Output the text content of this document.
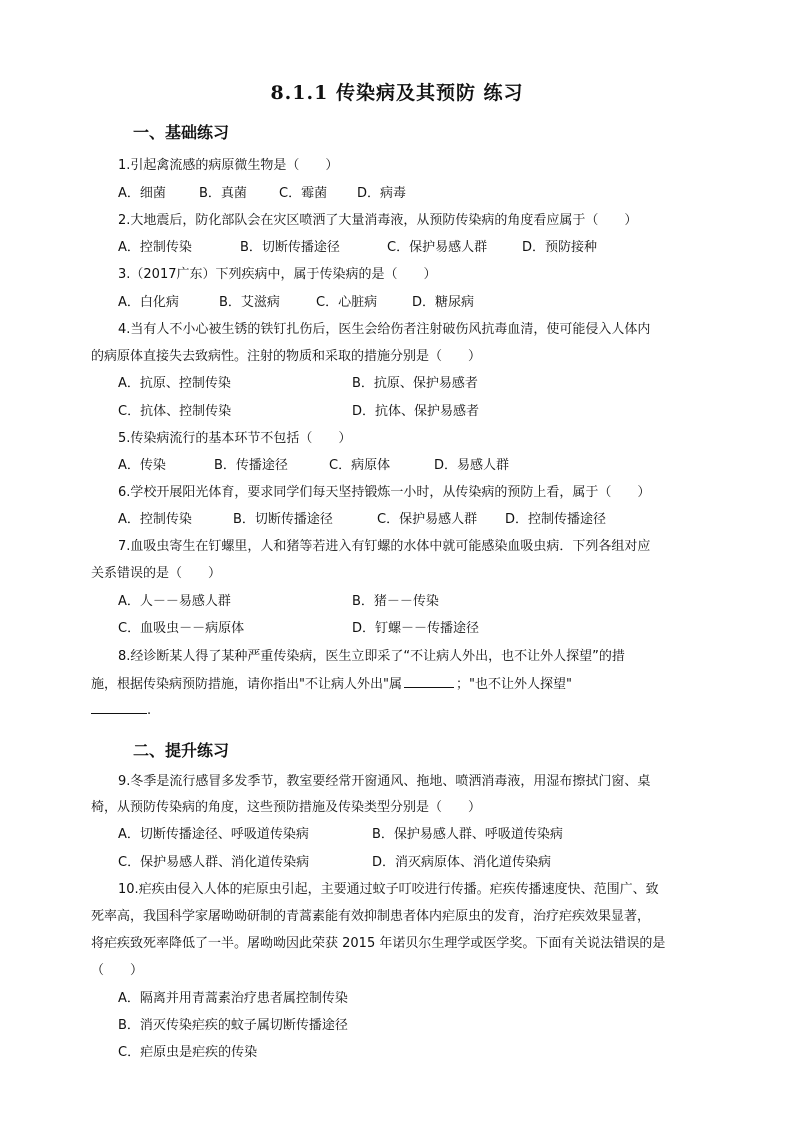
8.1.1 传染病及其预防 练习
一、基础练习
1.引起禽流感的病原微生物是（　　）
A．细菌	B．真菌 C．霉菌 D．病毒
2.大地震后，防化部队会在灾区喷洒了大量消毒液，从预防传染病的角度看应属于（　　）
A．控制传染	B．切断传播途径	C．保护易感人群	D．预防接种
3.（2017广东）下列疾病中，属于传染病的是（　　）
A．白化病	B．艾滋病	C．心脏病	D．糖尿病
4.当有人不小心被生锈的铁钉扎伤后，医生会给伤者注射破伤风抗毒血清，使可能侵入人体内
的病原体直接失去致病性。注射的物质和采取的措施分别是（　　）
A．抗原、控制传染	B．抗原、保护易感者
C．抗体、控制传染	D．抗体、保护易感者
5.传染病流行的基本环节不包括（　　）
A．传染	B．传播途径	C．病原体	D．易感人群
6.学校开展阳光体育，要求同学们每天坚持锻炼一小时，从传染病的预防上看，属于（　　）
A．控制传染	B．切断传播途径	C．保护易感人群 D．控制传播途径
7.血吸虫寄生在钉螺里，人和猪等若进入有钉螺的水体中就可能感染血吸虫病．下列各组对应
关系错误的是（　　）
A．人－－易感人群	B．猪－－传染
C．血吸虫－－病原体	D．钉螺－－传播途径
8.经诊断某人得了某种严重传染病，医生立即采了“不让病人外出，也不让外人探望”的措
施，根据传染病预防措施，请你指出"不让病人外出"属	；"也不让外人探望"
.
二、提升练习
9.冬季是流行感冒多发季节，教室要经常开窗通风、拖地、喷洒消毒液，用湿布擦拭门窗、桌
椅，从预防传染病的角度，这些预防措施及传染类型分别是（　　）
A．切断传播途径、呼吸道传染病	B．保护易感人群、呼吸道传染病
C．保护易感人群、消化道传染病	D．消灭病原体、消化道传染病
10.疟疾由侵入人体的疟原虫引起，主要通过蚊子叮咬进行传播。疟疾传播速度快、范围广、致
死率高，我国科学家屠呦呦研制的青蒿素能有效抑制患者体内疟原虫的发育，治疗疟疾效果显著，
将疟疾致死率降低了一半。屠呦呦因此荣获 2015 年诺贝尔生理学或医学奖。下面有关说法错误的是
（　　）
A．隔离并用青蒿素治疗患者属控制传染
B．消灭传染疟疾的蚊子属切断传播途径
C．疟原虫是疟疾的传染
